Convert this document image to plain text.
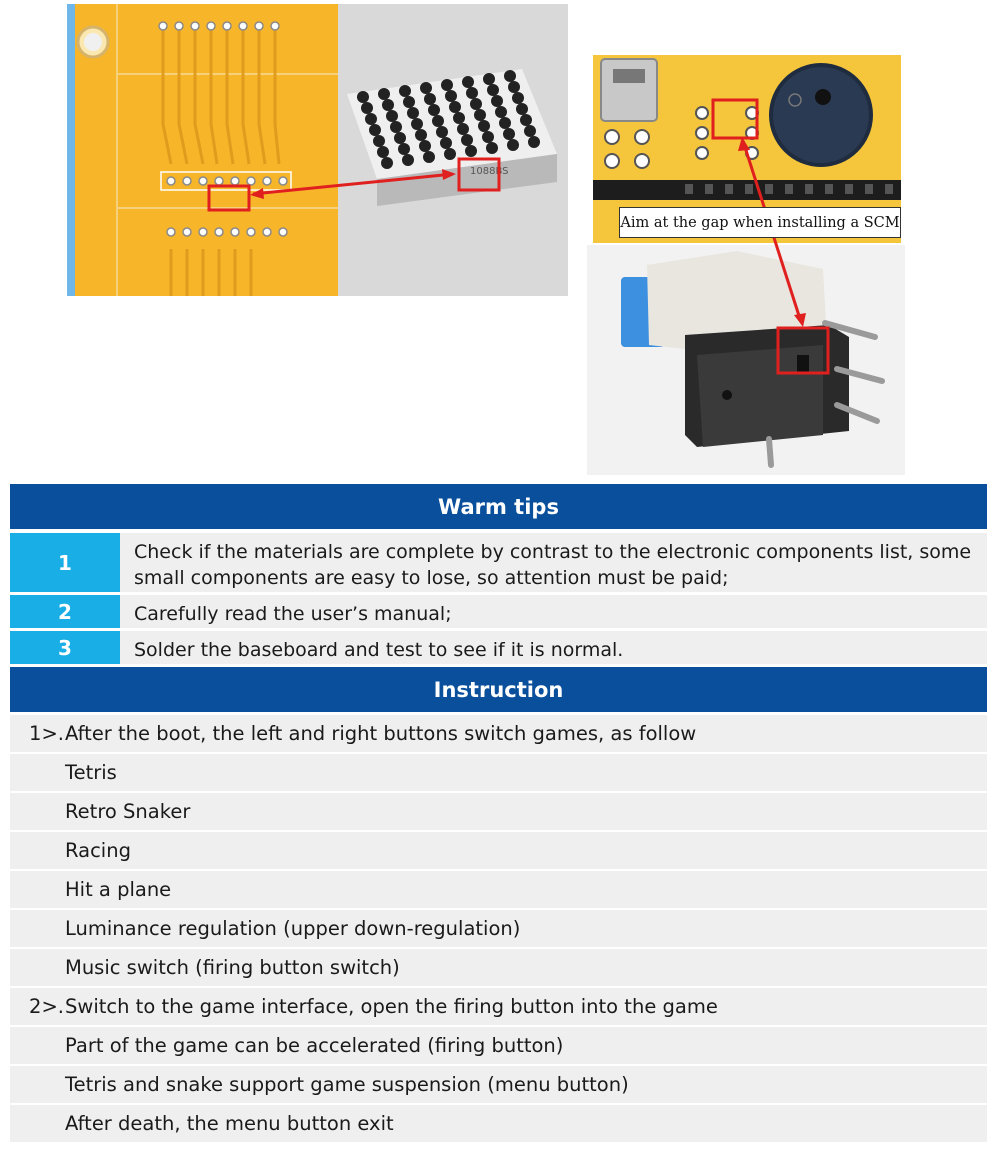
1088BS
Aim at the gap when installing a SCM
Warm tips
1	Check if the materials are complete by contrast to the electronic components list, some small components are easy to lose, so attention must be paid;
2	Carefully read the user’s manual;
3	Solder the baseboard and test to see if it is normal.
Instruction
1>. After the boot, the left and right buttons switch games, as follow
Tetris
Retro Snaker
Racing
Hit a plane
Luminance regulation (upper down-regulation)
Music switch (firing button switch)
2>. Switch to the game interface, open the firing button into the game
Part of the game can be accelerated (firing button)
Tetris and snake support game suspension (menu button)
After death, the menu button exit
